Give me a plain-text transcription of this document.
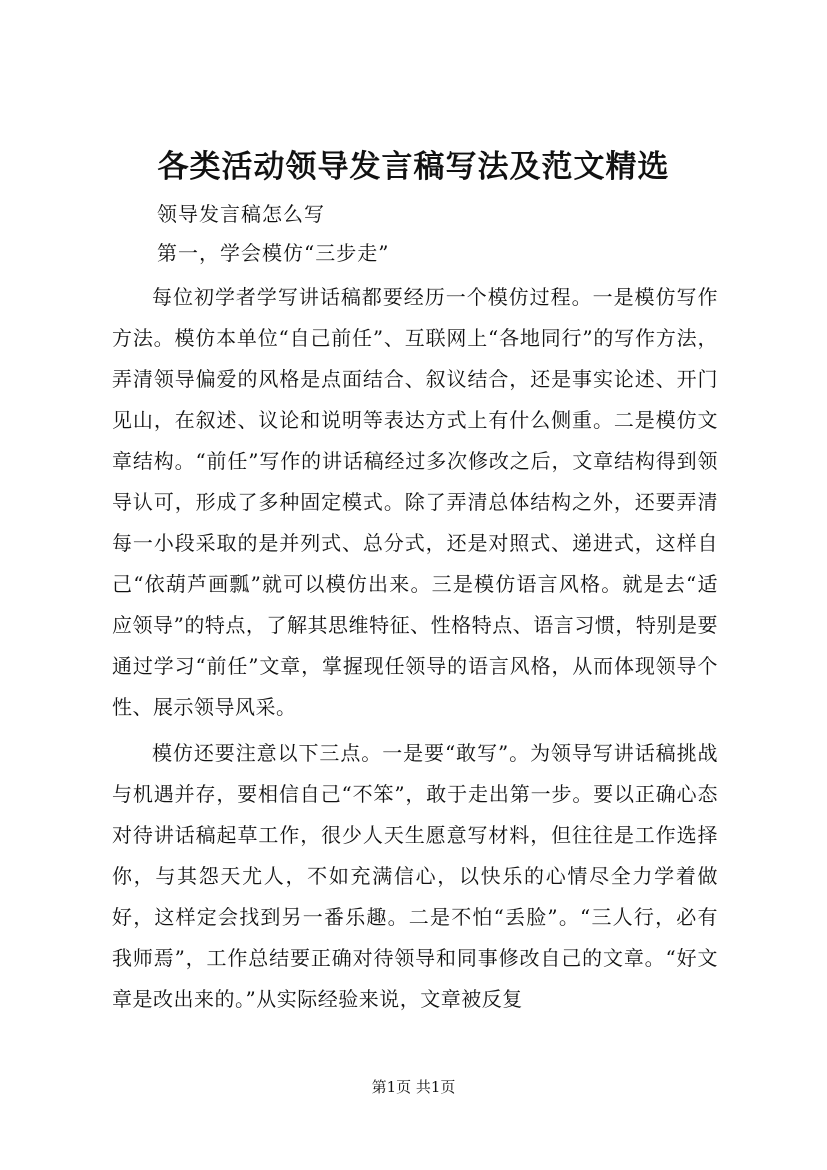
各类活动领导发言稿写法及范文精选
领导发言稿怎么写
第一，学会模仿“三步走”

每位初学者学写讲话稿都要经历一个模仿过程。一是模仿写作方法。模仿本单位“自己前任”、互联网上“各地同行”的写作方法，弄清领导偏爱的风格是点面结合、叙议结合，还是事实论述、开门见山，在叙述、议论和说明等表达方式上有什么侧重。二是模仿文章结构。“前任”写作的讲话稿经过多次修改之后，文章结构得到领导认可，形成了多种固定模式。除了弄清总体结构之外，还要弄清每一小段采取的是并列式、总分式，还是对照式、递进式，这样自己“依葫芦画瓢”就可以模仿出来。三是模仿语言风格。就是去“适应领导”的特点，了解其思维特征、性格特点、语言习惯，特别是要通过学习“前任”文章，掌握现任领导的语言风格，从而体现领导个性、展示领导风采。

模仿还要注意以下三点。一是要“敢写”。为领导写讲话稿挑战与机遇并存，要相信自己“不笨”，敢于走出第一步。要以正确心态对待讲话稿起草工作，很少人天生愿意写材料，但往往是工作选择你，与其怨天尤人，不如充满信心，以快乐的心情尽全力学着做好，这样定会找到另一番乐趣。二是不怕“丢脸”。“三人行，必有我师焉”，工作总结要正确对待领导和同事修改自己的文章。“好文章是改出来的。”从实际经验来说，文章被反复

第1页 共1页
